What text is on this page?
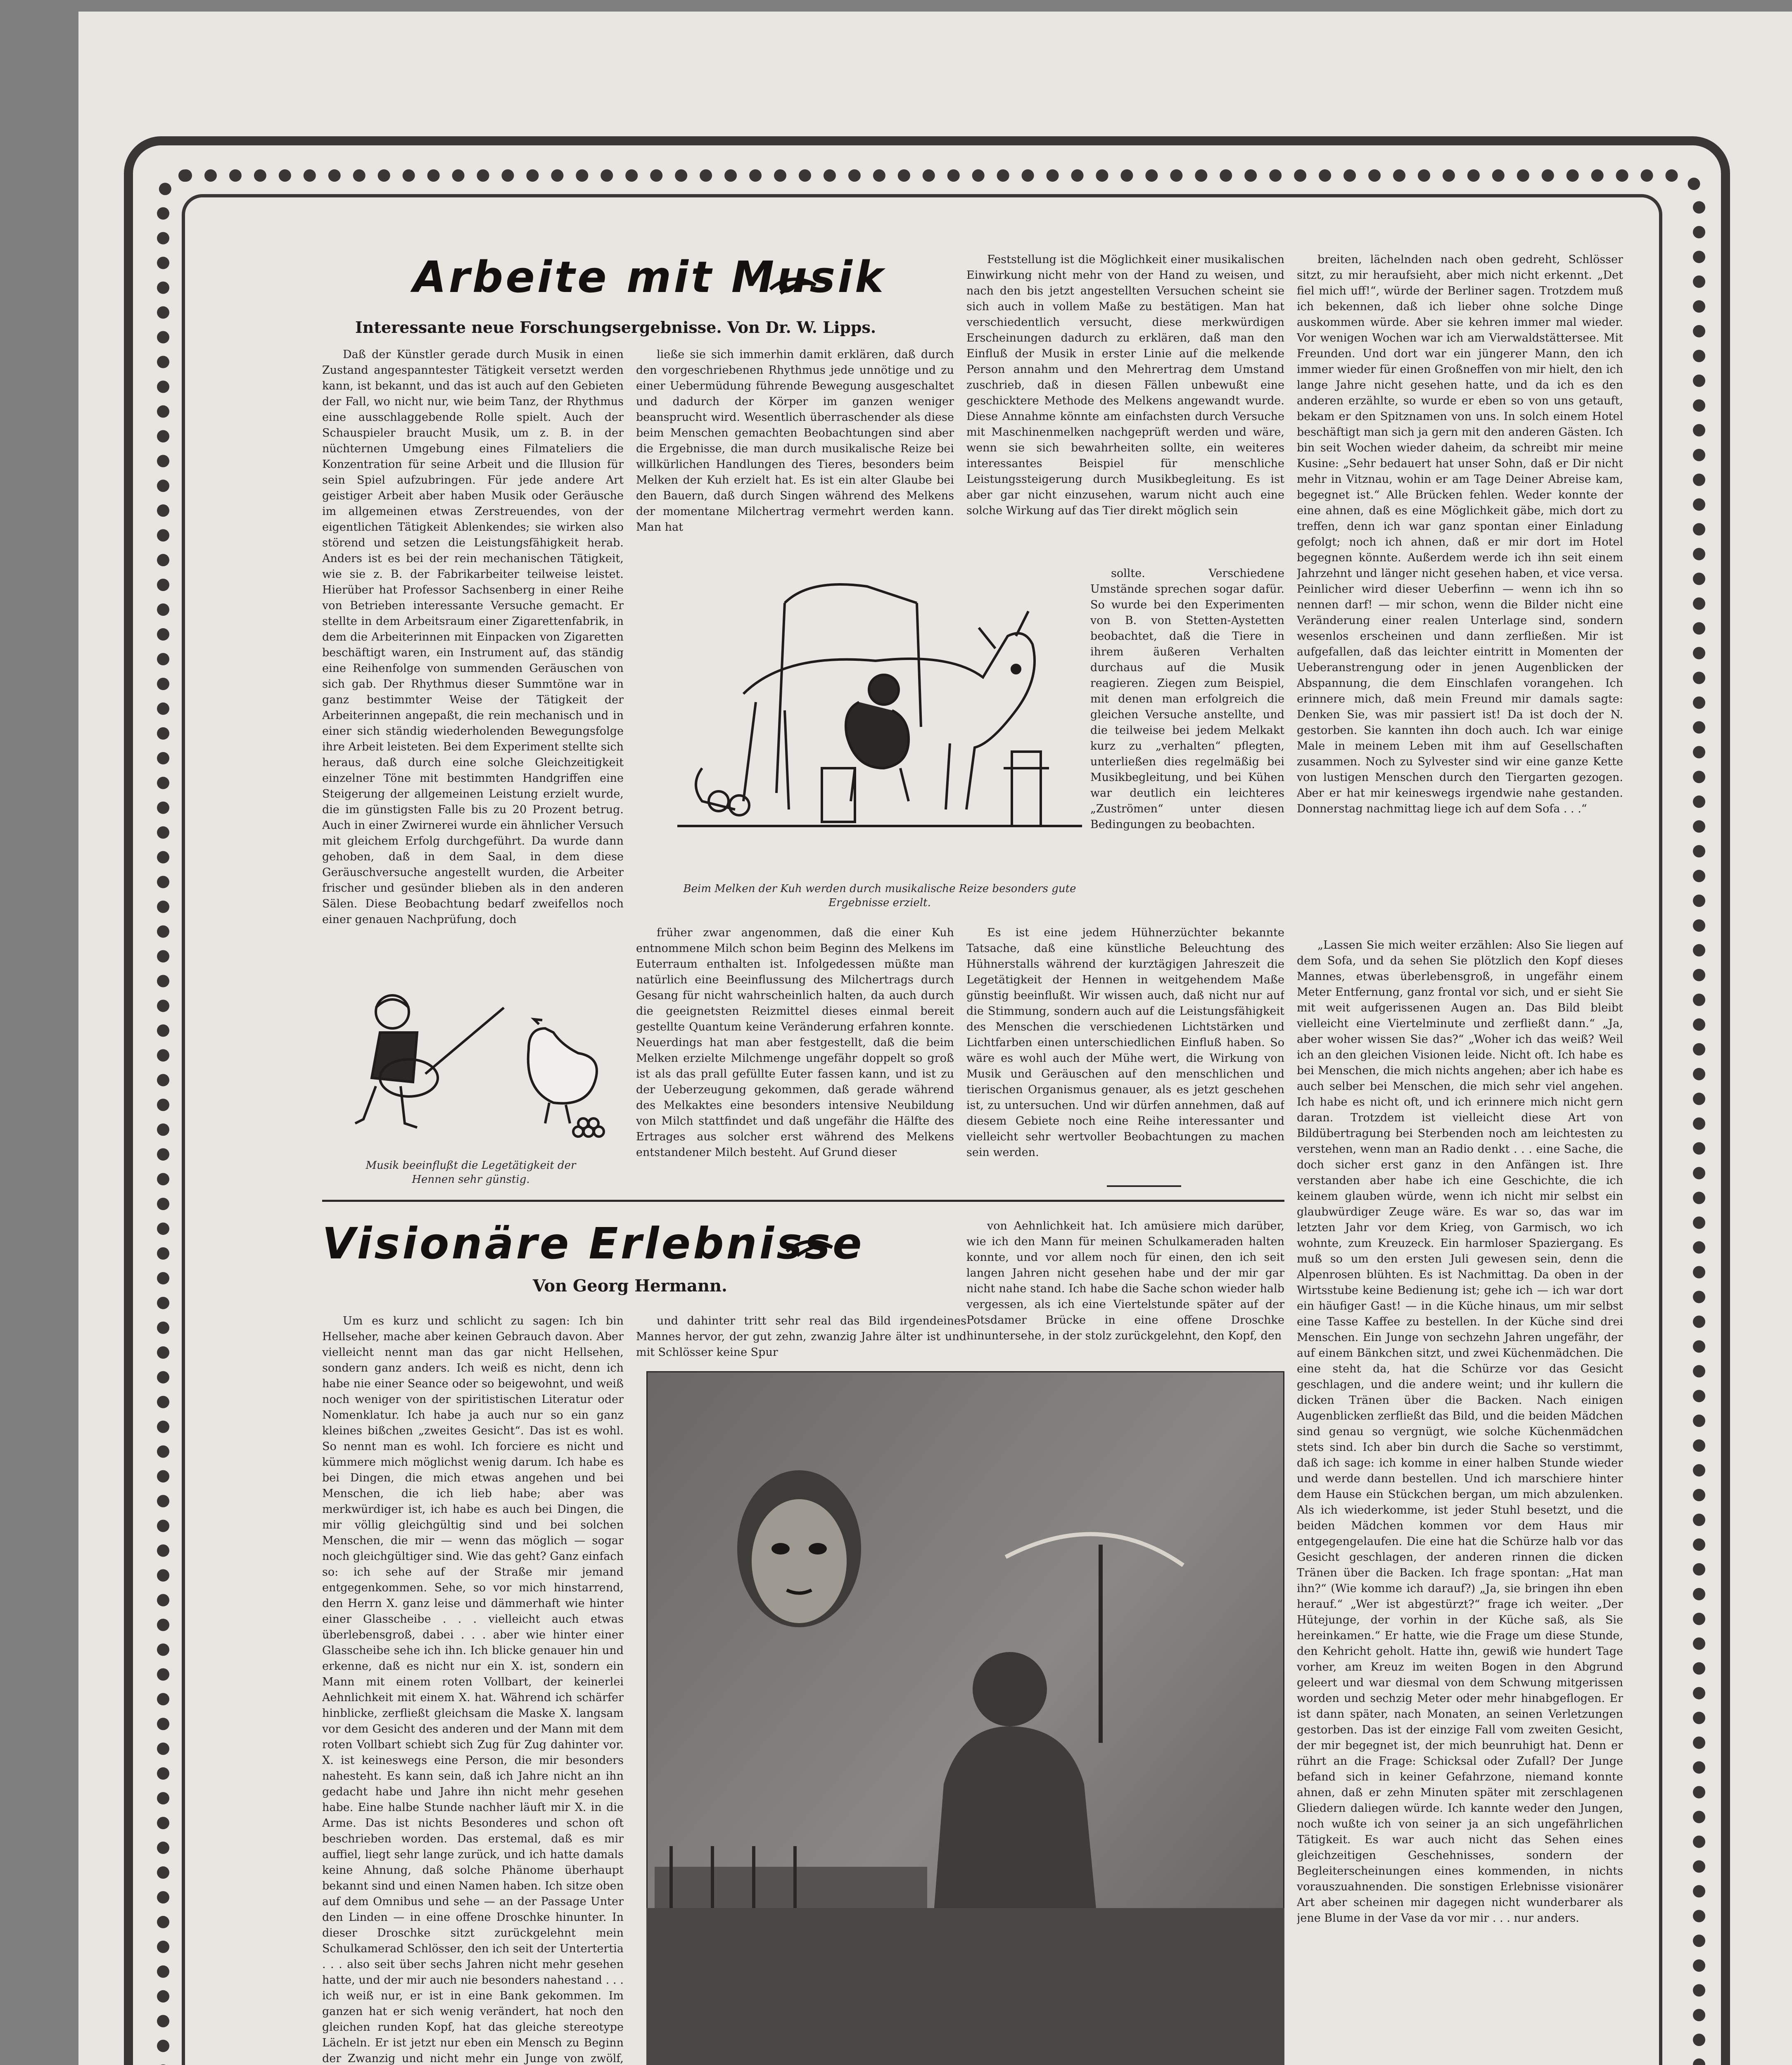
Arbeite mit Musik
Interessante neue Forschungsergebnisse. Von Dr. W. Lipps.

Daß der Künstler gerade durch Musik in einen Zustand angespanntester Tätigkeit versetzt werden kann, ist bekannt, und das ist auch auf den Gebieten der Fall, wo nicht nur, wie beim Tanz, der Rhythmus eine ausschlaggebende Rolle spielt. Auch der Schauspieler braucht Musik, um z. B. in der nüchternen Umgebung eines Filmateliers die Konzentration für seine Arbeit und die Illusion für sein Spiel aufzubringen. Für jede andere Art geistiger Arbeit aber haben Musik oder Geräusche im allgemeinen etwas Zerstreuendes, von der eigentlichen Tätigkeit Ablenkendes; sie wirken also störend und setzen die Leistungsfähigkeit herab. Anders ist es bei der rein mechanischen Tätigkeit, wie sie z. B. der Fabrikarbeiter teilweise leistet. Hierüber hat Professor Sachsenberg in einer Reihe von Betrieben interessante Versuche gemacht. Er stellte in dem Arbeitsraum einer Zigarettenfabrik, in dem die Arbeiterinnen mit Einpacken von Zigaretten beschäftigt waren, ein Instrument auf, das ständig eine Reihenfolge von summenden Geräuschen von sich gab. Der Rhythmus dieser Summtöne war in ganz bestimmter Weise der Tätigkeit der Arbeiterinnen angepaßt, die rein mechanisch und in einer sich ständig wiederholenden Bewegungsfolge ihre Arbeit leisteten. Bei dem Experiment stellte sich heraus, daß durch eine solche Gleichzeitigkeit einzelner Töne mit bestimmten Handgriffen eine Steigerung der allgemeinen Leistung erzielt wurde, die im günstigsten Falle bis zu 20 Prozent betrug. Auch in einer Zwirnerei wurde ein ähnlicher Versuch mit gleichem Erfolg durchgeführt. Da wurde dann gehoben, daß in dem Saal, in dem diese Geräuschversuche angestellt wurden, die Arbeiter frischer und gesünder blieben als in den anderen Sälen. Diese Beobachtung bedarf zweifellos noch einer genauen Nachprüfung, doch

Musik beeinflußt die Legetätigkeit der Hennen sehr günstig.

ließe sie sich immerhin damit erklären, daß durch den vorgeschriebenen Rhythmus jede unnötige und zu einer Uebermüdung führende Bewegung ausgeschaltet und dadurch der Körper im ganzen weniger beansprucht wird. Wesentlich überraschender als diese beim Menschen gemachten Beobachtungen sind aber die Ergebnisse, die man durch musikalische Reize bei willkürlichen Handlungen des Tieres, besonders beim Melken der Kuh erzielt hat. Es ist ein alter Glaube bei den Bauern, daß durch Singen während des Melkens der momentane Milchertrag vermehrt werden kann. Man hat

Beim Melken der Kuh werden durch musikalische Reize besonders gute Ergebnisse erzielt.

früher zwar angenommen, daß die einer Kuh entnommene Milch schon beim Beginn des Melkens im Euterraum enthalten ist. Infolgedessen müßte man natürlich eine Beeinflussung des Milchertrags durch Gesang für nicht wahrscheinlich halten, da auch durch die geeignetsten Reizmittel dieses einmal bereit gestellte Quantum keine Veränderung erfahren konnte. Neuerdings hat man aber festgestellt, daß die beim Melken erzielte Milchmenge ungefähr doppelt so groß ist als das prall gefüllte Euter fassen kann, und ist zu der Ueberzeugung gekommen, daß gerade während des Melkaktes eine besonders intensive Neubildung von Milch stattfindet und daß ungefähr die Hälfte des Ertrages aus solcher erst während des Melkens entstandener Milch besteht. Auf Grund dieser

Feststellung ist die Möglichkeit einer musikalischen Einwirkung nicht mehr von der Hand zu weisen, und nach den bis jetzt angestellten Versuchen scheint sie sich auch in vollem Maße zu bestätigen. Man hat verschiedentlich versucht, diese merkwürdigen Erscheinungen dadurch zu erklären, daß man den Einfluß der Musik in erster Linie auf die melkende Person annahm und den Mehrertrag dem Umstand zuschrieb, daß in diesen Fällen unbewußt eine geschicktere Methode des Melkens angewandt wurde. Diese Annahme könnte am einfachsten durch Versuche mit Maschinenmelken nachgeprüft werden und wäre, wenn sie sich bewahrheiten sollte, ein weiteres interessantes Beispiel für menschliche Leistungssteigerung durch Musikbegleitung. Es ist aber gar nicht einzusehen, warum nicht auch eine solche Wirkung auf das Tier direkt möglich sein

sollte. Verschiedene Umstände sprechen sogar dafür. So wurde bei den Experimenten von B. von Stetten-Aystetten beobachtet, daß die Tiere in ihrem äußeren Verhalten durchaus auf die Musik reagieren. Ziegen zum Beispiel, mit denen man erfolgreich die gleichen Versuche anstellte, und die teilweise bei jedem Melkakt kurz zu „verhalten“ pflegten, unterließen dies regelmäßig bei Musikbegleitung, und bei Kühen war deutlich ein leichteres „Zuströmen“ unter diesen Bedingungen zu beobachten.

Es ist eine jedem Hühnerzüchter bekannte Tatsache, daß eine künstliche Beleuchtung des Hühnerstalls während der kurztägigen Jahreszeit die Legetätigkeit der Hennen in weitgehendem Maße günstig beeinflußt. Wir wissen auch, daß nicht nur auf die Stimmung, sondern auch auf die Leistungsfähigkeit des Menschen die verschiedenen Lichtstärken und Lichtfarben einen unterschiedlichen Einfluß haben. So wäre es wohl auch der Mühe wert, die Wirkung von Musik und Geräuschen auf den menschlichen und tierischen Organismus genauer, als es jetzt geschehen ist, zu untersuchen. Und wir dürfen annehmen, daß auf diesem Gebiete noch eine Reihe interessanter und vielleicht sehr wertvoller Beobachtungen zu machen sein werden.

Visionäre Erlebnisse
Von Georg Hermann.

Um es kurz und schlicht zu sagen: Ich bin Hellseher, mache aber keinen Gebrauch davon. Aber vielleicht nennt man das gar nicht Hellsehen, sondern ganz anders. Ich weiß es nicht, denn ich habe nie einer Seance oder so beigewohnt, und weiß noch weniger von der spiritistischen Literatur oder Nomenklatur. Ich habe ja auch nur so ein ganz kleines bißchen „zweites Gesicht“. Das ist es wohl. So nennt man es wohl. Ich forciere es nicht und kümmere mich möglichst wenig darum. Ich habe es bei Dingen, die mich etwas angehen und bei Menschen, die ich lieb habe; aber was merkwürdiger ist, ich habe es auch bei Dingen, die mir völlig gleichgültig sind und bei solchen Menschen, die mir — wenn das möglich — sogar noch gleichgültiger sind. Wie das geht? Ganz einfach so: ich sehe auf der Straße mir jemand entgegenkommen. Sehe, so vor mich hinstarrend, den Herrn X. ganz leise und dämmerhaft wie hinter einer Glasscheibe . . . vielleicht auch etwas überlebensgroß, dabei . . . aber wie hinter einer Glasscheibe sehe ich ihn. Ich blicke genauer hin und erkenne, daß es nicht nur ein X. ist, sondern ein Mann mit einem roten Vollbart, der keinerlei Aehnlichkeit mit einem X. hat. Während ich schärfer hinblicke, zerfließt gleichsam die Maske X. langsam vor dem Gesicht des anderen und der Mann mit dem roten Vollbart schiebt sich Zug für Zug dahinter vor. X. ist keineswegs eine Person, die mir besonders nahesteht. Es kann sein, daß ich Jahre nicht an ihn gedacht habe und Jahre ihn nicht mehr gesehen habe. Eine halbe Stunde nachher läuft mir X. in die Arme. Das ist nichts Besonderes und schon oft beschrieben worden. Das erstemal, daß es mir auffiel, liegt sehr lange zurück, und ich hatte damals keine Ahnung, daß solche Phänome überhaupt bekannt sind und einen Namen haben. Ich sitze oben auf dem Omnibus und sehe — an der Passage Unter den Linden — in eine offene Droschke hinunter. In dieser Droschke sitzt zurückgelehnt mein Schulkamerad Schlösser, den ich seit der Untertertia . . . also seit über sechs Jahren nicht mehr gesehen hatte, und der mir auch nie besonders nahestand . . . ich weiß nur, er ist in eine Bank gekommen. Im ganzen hat er sich wenig verändert, hat noch den gleichen runden Kopf, hat das gleiche stereotype Lächeln. Er ist jetzt nur eben ein Mensch zu Beginn der Zwanzig und nicht mehr ein Junge von zwölf,

und dahinter tritt sehr real das Bild irgendeines Mannes hervor, der gut zehn, zwanzig Jahre älter ist und mit Schlösser keine Spur

von Aehnlichkeit hat. Ich amüsiere mich darüber, wie ich den Mann für meinen Schulkameraden halten konnte, und vor allem noch für einen, den ich seit langen Jahren nicht gesehen habe und der mir gar nicht nahe stand. Ich habe die Sache schon wieder halb vergessen, als ich eine Viertelstunde später auf der Potsdamer Brücke in eine offene Droschke hinuntersehe, in der stolz zurückgelehnt, den Kopf, den

breiten, lächelnden nach oben gedreht, Schlösser sitzt, zu mir heraufsieht, aber mich nicht erkennt. „Det fiel mich uff!“, würde der Berliner sagen. Trotzdem muß ich bekennen, daß ich lieber ohne solche Dinge auskommen würde. Aber sie kehren immer mal wieder. Vor wenigen Wochen war ich am Vierwaldstättersee. Mit Freunden. Und dort war ein jüngerer Mann, den ich immer wieder für einen Großneffen von mir hielt, den ich lange Jahre nicht gesehen hatte, und da ich es den anderen erzählte, so wurde er eben so von uns getauft, bekam er den Spitznamen von uns. In solch einem Hotel beschäftigt man sich ja gern mit den anderen Gästen. Ich bin seit Wochen wieder daheim, da schreibt mir meine Kusine: „Sehr bedauert hat unser Sohn, daß er Dir nicht mehr in Vitznau, wohin er am Tage Deiner Abreise kam, begegnet ist.“ Alle Brücken fehlen. Weder konnte der eine ahnen, daß es eine Möglichkeit gäbe, mich dort zu treffen, denn ich war ganz spontan einer Einladung gefolgt; noch ich ahnen, daß er mir dort im Hotel begegnen könnte. Außerdem werde ich ihn seit einem Jahrzehnt und länger nicht gesehen haben, et vice versa. Peinlicher wird dieser Ueberfinn — wenn ich ihn so nennen darf! — mir schon, wenn die Bilder nicht eine Veränderung einer realen Unterlage sind, sondern wesenlos erscheinen und dann zerfließen. Mir ist aufgefallen, daß das leichter eintritt in Momenten der Ueberanstrengung oder in jenen Augenblicken der Abspannung, die dem Einschlafen vorangehen. Ich erinnere mich, daß mein Freund mir damals sagte: Denken Sie, was mir passiert ist! Da ist doch der N. gestorben. Sie kannten ihn doch auch. Ich war einige Male in meinem Leben mit ihm auf Gesellschaften zusammen. Noch zu Sylvester sind wir eine ganze Kette von lustigen Menschen durch den Tiergarten gezogen. Aber er hat mir keineswegs irgendwie nahe gestanden. Donnerstag nachmittag liege ich auf dem Sofa . . .“

„Lassen Sie mich weiter erzählen: Also Sie liegen auf dem Sofa, und da sehen Sie plötzlich den Kopf dieses Mannes, etwas überlebensgroß, in ungefähr einem Meter Entfernung, ganz frontal vor sich, und er sieht Sie mit weit aufgerissenen Augen an. Das Bild bleibt vielleicht eine Viertelminute und zerfließt dann.“ „Ja, aber woher wissen Sie das?“ „Woher ich das weiß? Weil ich an den gleichen Visionen leide. Nicht oft. Ich habe es bei Menschen, die mich nichts angehen; aber ich habe es auch selber bei Menschen, die mich sehr viel angehen. Ich habe es nicht oft, und ich erinnere mich nicht gern daran. Trotzdem ist vielleicht diese Art von Bildübertragung bei Sterbenden noch am leichtesten zu verstehen, wenn man an Radio denkt . . . eine Sache, die doch sicher erst ganz in den Anfängen ist. Ihre verstanden aber habe ich eine Geschichte, die ich keinem glauben würde, wenn ich nicht mir selbst ein glaubwürdiger Zeuge wäre. Es war so, das war im letzten Jahr vor dem Krieg, von Garmisch, wo ich wohnte, zum Kreuzeck. Ein harmloser Spaziergang. Es muß so um den ersten Juli gewesen sein, denn die Alpenrosen blühten. Es ist Nachmittag. Da oben in der Wirtsstube keine Bedienung ist; gehe ich — ich war dort ein häufiger Gast! — in die Küche hinaus, um mir selbst eine Tasse Kaffee zu bestellen. In der Küche sind drei Menschen. Ein Junge von sechzehn Jahren ungefähr, der auf einem Bänkchen sitzt, und zwei Küchenmädchen. Die eine steht da, hat die Schürze vor das Gesicht geschlagen, und die andere weint; und ihr kullern die dicken Tränen über die Backen. Nach einigen Augenblicken zerfließt das Bild, und die beiden Mädchen sind genau so vergnügt, wie solche Küchenmädchen stets sind. Ich aber bin durch die Sache so verstimmt, daß ich sage: ich komme in einer halben Stunde wieder und werde dann bestellen. Und ich marschiere hinter dem Hause ein Stückchen bergan, um mich abzulenken. Als ich wiederkomme, ist jeder Stuhl besetzt, und die beiden Mädchen kommen vor dem Haus mir entgegengelaufen. Die eine hat die Schürze halb vor das Gesicht geschlagen, der anderen rinnen die dicken Tränen über die Backen. Ich frage spontan: „Hat man ihn?“ (Wie komme ich darauf?) „Ja, sie bringen ihn eben herauf.“ „Wer ist abgestürzt?“ frage ich weiter. „Der Hütejunge, der vorhin in der Küche saß, als Sie hereinkamen.“ Er hatte, wie die Frage um diese Stunde, den Kehricht geholt. Hatte ihn, gewiß wie hundert Tage vorher, am Kreuz im weiten Bogen in den Abgrund geleert und war diesmal von dem Schwung mitgerissen worden und sechzig Meter oder mehr hinabgeflogen. Er ist dann später, nach Monaten, an seinen Verletzungen gestorben. Das ist der einzige Fall vom zweiten Gesicht, der mir begegnet ist, der mich beunruhigt hat. Denn er rührt an die Frage: Schicksal oder Zufall? Der Junge befand sich in keiner Gefahrzone, niemand konnte ahnen, daß er zehn Minuten später mit zerschlagenen Gliedern daliegen würde. Ich kannte weder den Jungen, noch wußte ich von seiner ja an sich ungefährlichen Tätigkeit. Es war auch nicht das Sehen eines gleichzeitigen Geschehnisses, sondern der Begleiterscheinungen eines kommenden, in nichts vorauszuahnenden. Die sonstigen Erlebnisse visionärer Art aber scheinen mir dagegen nicht wunderbarer als jene Blume in der Vase da vor mir . . . nur anders.
